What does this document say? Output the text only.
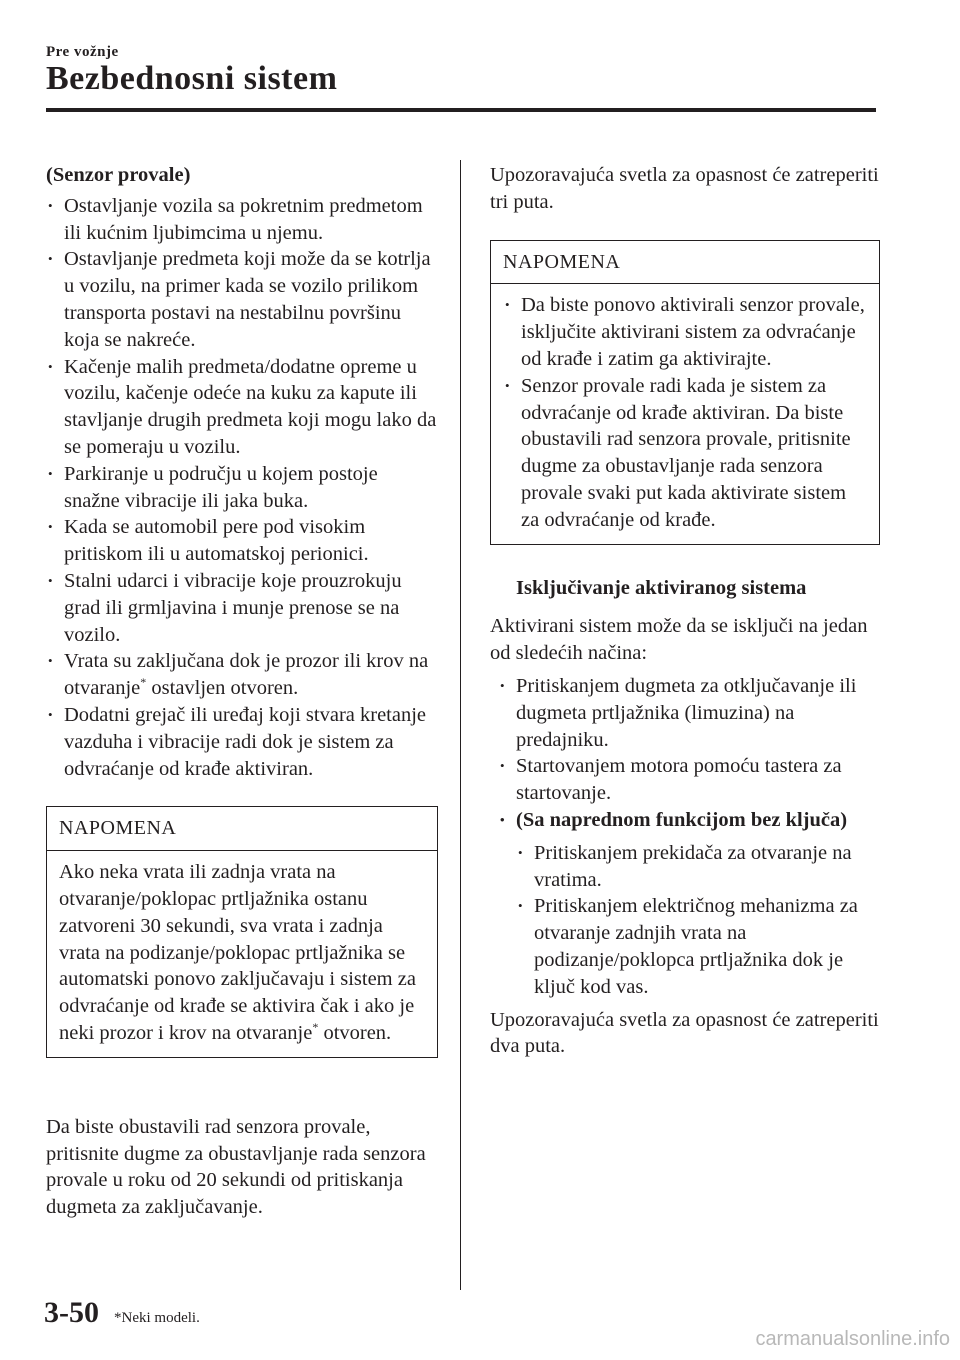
Pre vožnje
Bezbednosni sistem

(Senzor provale)

• Ostavljanje vozila sa pokretnim predmetom ili kućnim ljubimcima u njemu.
• Ostavljanje predmeta koji može da se kotrlja u vozilu, na primer kada se vozilo prilikom transporta postavi na nestabilnu površinu koja se nakreće.
• Kačenje malih predmeta/dodatne opreme u vozilu, kačenje odeće na kuku za kapute ili stavljanje drugih predmeta koji mogu lako da se pomeraju u vozilu.
• Parkiranje u području u kojem postoje snažne vibracije ili jaka buka.
• Kada se automobil pere pod visokim pritiskom ili u automatskoj perionici.
• Stalni udarci i vibracije koje prouzrokuju grad ili grmljavina i munje prenose se na vozilo.
• Vrata su zaključana dok je prozor ili krov na otvaranje* ostavljen otvoren.
• Dodatni grejač ili uređaj koji stvara kretanje vazduha i vibracije radi dok je sistem za odvraćanje od krađe aktiviran.
NAPOMENA
Ako neka vrata ili zadnja vrata na otvaranje/poklopac prtljažnika ostanu zatvoreni 30 sekundi, sva vrata i zadnja vrata na podizanje/poklopac prtljažnika se automatski ponovo zaključavaju i sistem za odvraćanje od krađe se aktivira čak i ako je neki prozor i krov na otvaranje* otvoren.

Da biste obustavili rad senzora provale, pritisnite dugme za obustavljanje rada senzora provale u roku od 20 sekundi od pritiskanja dugmeta za zaključavanje.

Upozoravajuća svetla za opasnost će zatreperiti tri puta.

NAPOMENA
• Da biste ponovo aktivirali senzor provale, isključite aktivirani sistem za odvraćanje od krađe i zatim ga aktivirajte.
• Senzor provale radi kada je sistem za odvraćanje od krađe aktiviran. Da biste obustavili rad senzora provale, pritisnite dugme za obustavljanje rada senzora provale svaki put kada aktivirate sistem za odvraćanje od krađe.

Isključivanje aktiviranog sistema

Aktivirani sistem može da se isključi na jedan od sledećih načina:

• Pritiskanjem dugmeta za otključavanje ili dugmeta prtljažnika (limuzina) na predajniku.
• Startovanjem motora pomoću tastera za startovanje.
• (Sa naprednom funkcijom bez ključa)
• Pritiskanjem prekidača za otvaranje na vratima.
• Pritiskanjem električnog mehanizma za otvaranje zadnjih vrata na podizanje/poklopca prtljažnika dok je ključ kod vas.

Upozoravajuća svetla za opasnost će zatreperiti dva puta.

3-50 *Neki modeli.
carmanualsonline.info
